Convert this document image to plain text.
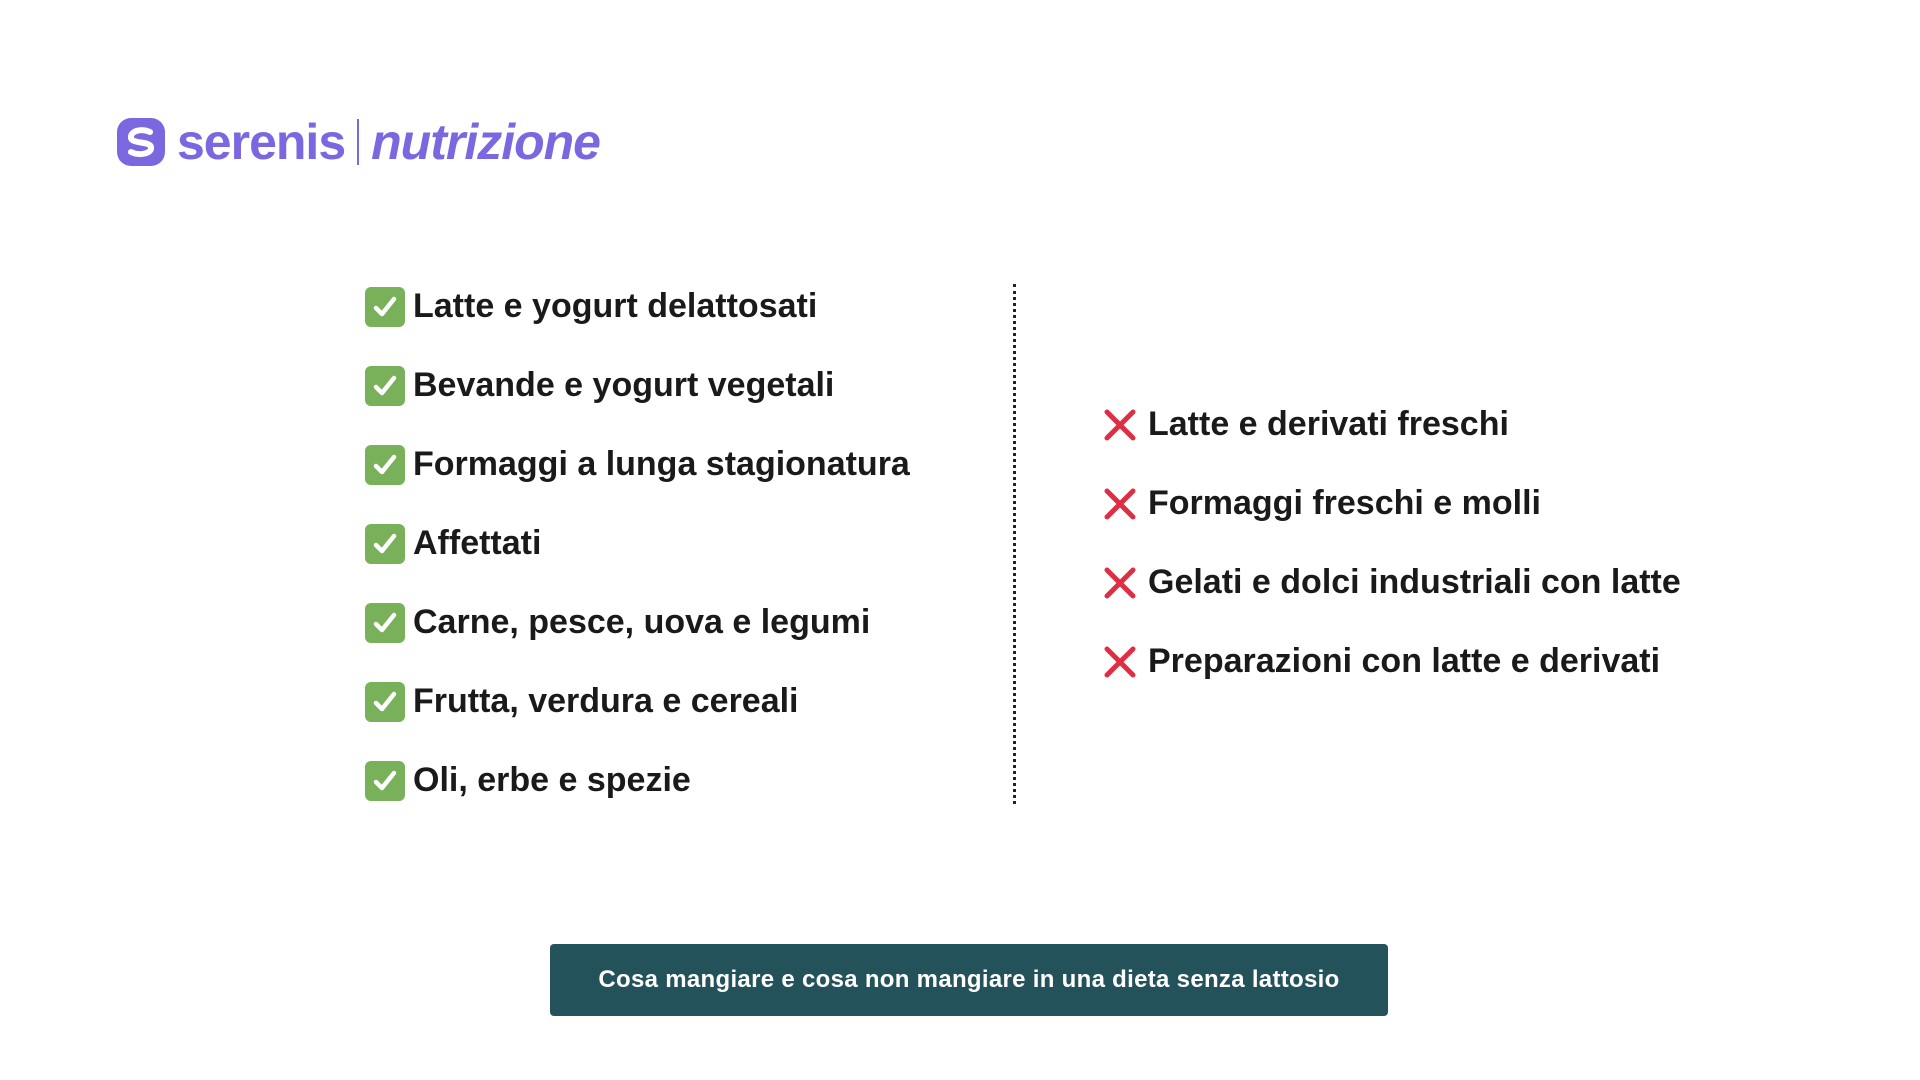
serenis nutrizione
Latte e yogurt delattosati
Bevande e yogurt vegetali
Formaggi a lunga stagionatura
Affettati
Carne, pesce, uova e legumi
Frutta, verdura e cereali
Oli, erbe e spezie
Latte e derivati freschi
Formaggi freschi e molli
Gelati e dolci industriali con latte
Preparazioni con latte e derivati
Cosa mangiare e cosa non mangiare in una dieta senza lattosio
